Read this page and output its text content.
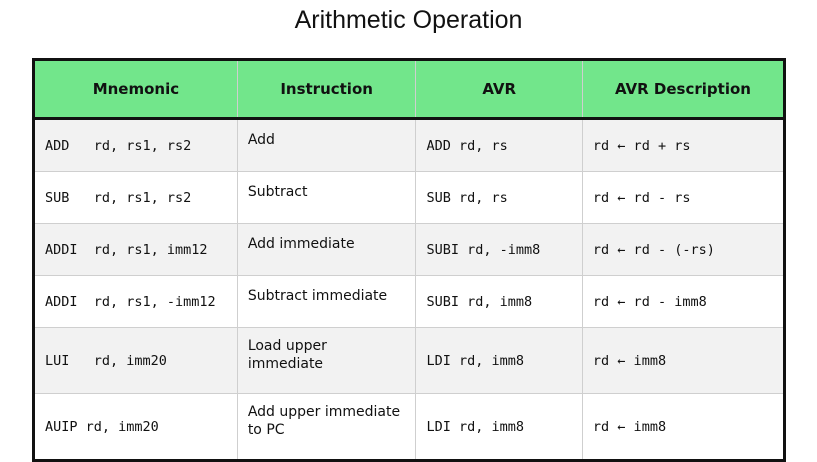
Arithmetic Operation
Mnemonic	Instruction	AVR	AVR Description
ADD   rd, rs1, rs2	Add	ADD rd, rs	rd ← rd + rs
SUB   rd, rs1, rs2	Subtract	SUB rd, rs	rd ← rd - rs
ADDI  rd, rs1, imm12	Add immediate	SUBI rd, -imm8	rd ← rd - (-rs)
ADDI  rd, rs1, -imm12	Subtract immediate	SUBI rd, imm8	rd ← rd - imm8
LUI   rd, imm20	Load upper immediate	LDI rd, imm8	rd ← imm8
AUIP rd, imm20	Add upper immediate to PC	LDI rd, imm8	rd ← imm8
